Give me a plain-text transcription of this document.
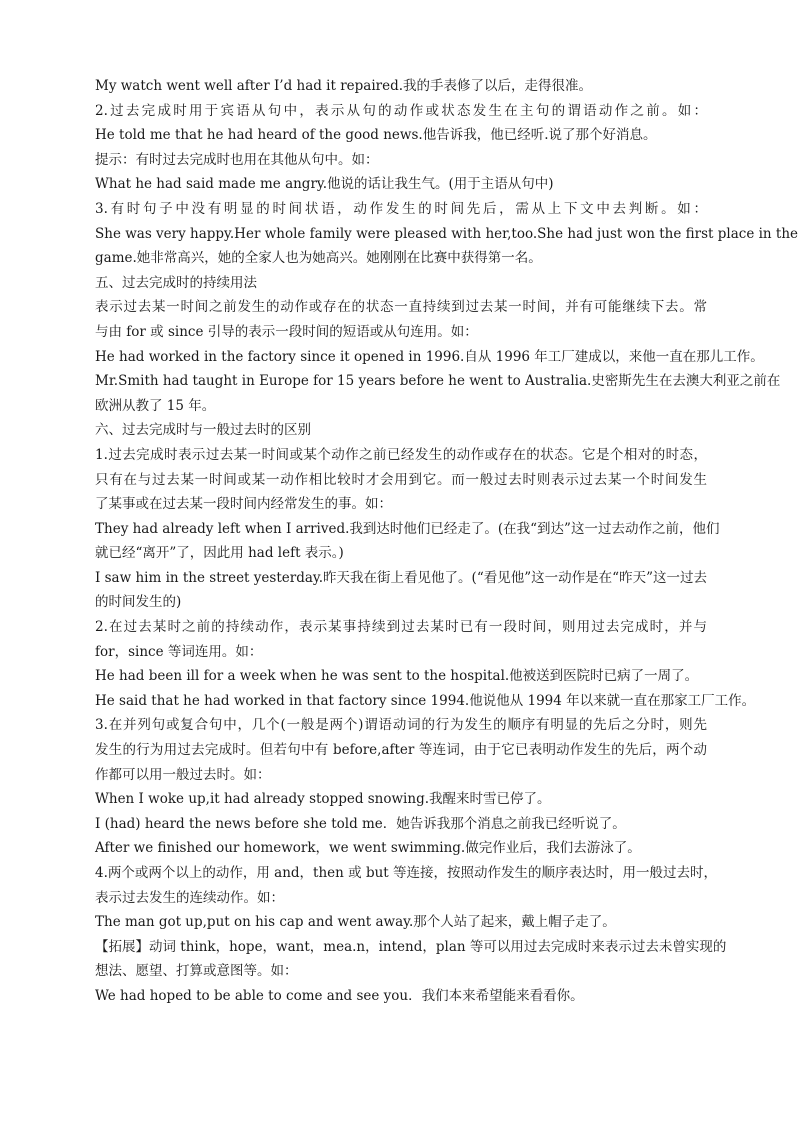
My watch went well after I’d had it repaired.我的手表修了以后，走得很准。
2.过去完成时用于宾语从句中，表示从句的动作或状态发生在主句的谓语动作之前。如：
He told me that he had heard of the good news.他告诉我，他已经听.说了那个好消息。
提示：有时过去完成时也用在其他从句中。如：
What he had said made me angry.他说的话让我生气。(用于主语从句中)
3.有时句子中没有明显的时间状语，动作发生的时间先后，需从上下文中去判断。如：
She was very happy.Her whole family were pleased with her,too.She had just won the first place in the
game.她非常高兴，她的全家人也为她高兴。她刚刚在比赛中获得第一名。
五、过去完成时的持续用法
表示过去某一时间之前发生的动作或存在的状态一直持续到过去某一时间，并有可能继续下去。常
与由 for 或 since 引导的表示一段时间的短语或从句连用。如：
He had worked in the factory since it opened in 1996.自从 1996 年工厂建成以，来他一直在那儿工作。
Mr.Smith had taught in Europe for 15 years before he went to Australia.史密斯先生在去澳大利亚之前在
欧洲从教了 15 年。
六、过去完成时与一般过去时的区别
1.过去完成时表示过去某一时间或某个动作之前已经发生的动作或存在的状态。它是个相对的时态，
只有在与过去某一时间或某一动作相比较时才会用到它。而一般过去时则表示过去某一个时间发生
了某事或在过去某一段时间内经常发生的事。如：
They had already left when I arrived.我到达时他们已经走了。(在我“到达”这一过去动作之前，他们
就已经“离开”了，因此用 had left 表示。)
I saw him in the street yesterday.昨天我在街上看见他了。(“看见他”这一动作是在“昨天”这一过去
的时间发生的)
2.在过去某时之前的持续动作，表示某事持续到过去某时已有一段时间，则用过去完成时，并与
for，since 等词连用。如：
He had been ill for a week when he was sent to the hospital.他被送到医院时已病了一周了。
He said that he had worked in that factory since 1994.他说他从 1994 年以来就一直在那家工厂工作。
3.在并列句或复合句中，几个(一般是两个)谓语动词的行为发生的顺序有明显的先后之分时，则先
发生的行为用过去完成时。但若句中有 before,after 等连词，由于它已表明动作发生的先后，两个动
作都可以用一般过去时。如：
When I woke up,it had already stopped snowing.我醒来时雪已停了。
I (had) heard the news before she told me．她告诉我那个消息之前我已经听说了。
After we finished our homework，we went swimming.做完作业后，我们去游泳了。
4.两个或两个以上的动作，用 and，then 或 but 等连接，按照动作发生的顺序表达时，用一般过去时，
表示过去发生的连续动作。如：
The man got up,put on his cap and went away.那个人站了起来，戴上帽子走了。
【拓展】动词 think，hope，want，mea.n，intend，plan 等可以用过去完成时来表示过去未曾实现的
想法、愿望、打算或意图等。如：
We had hoped to be able to come and see you．我们本来希望能来看看你。
